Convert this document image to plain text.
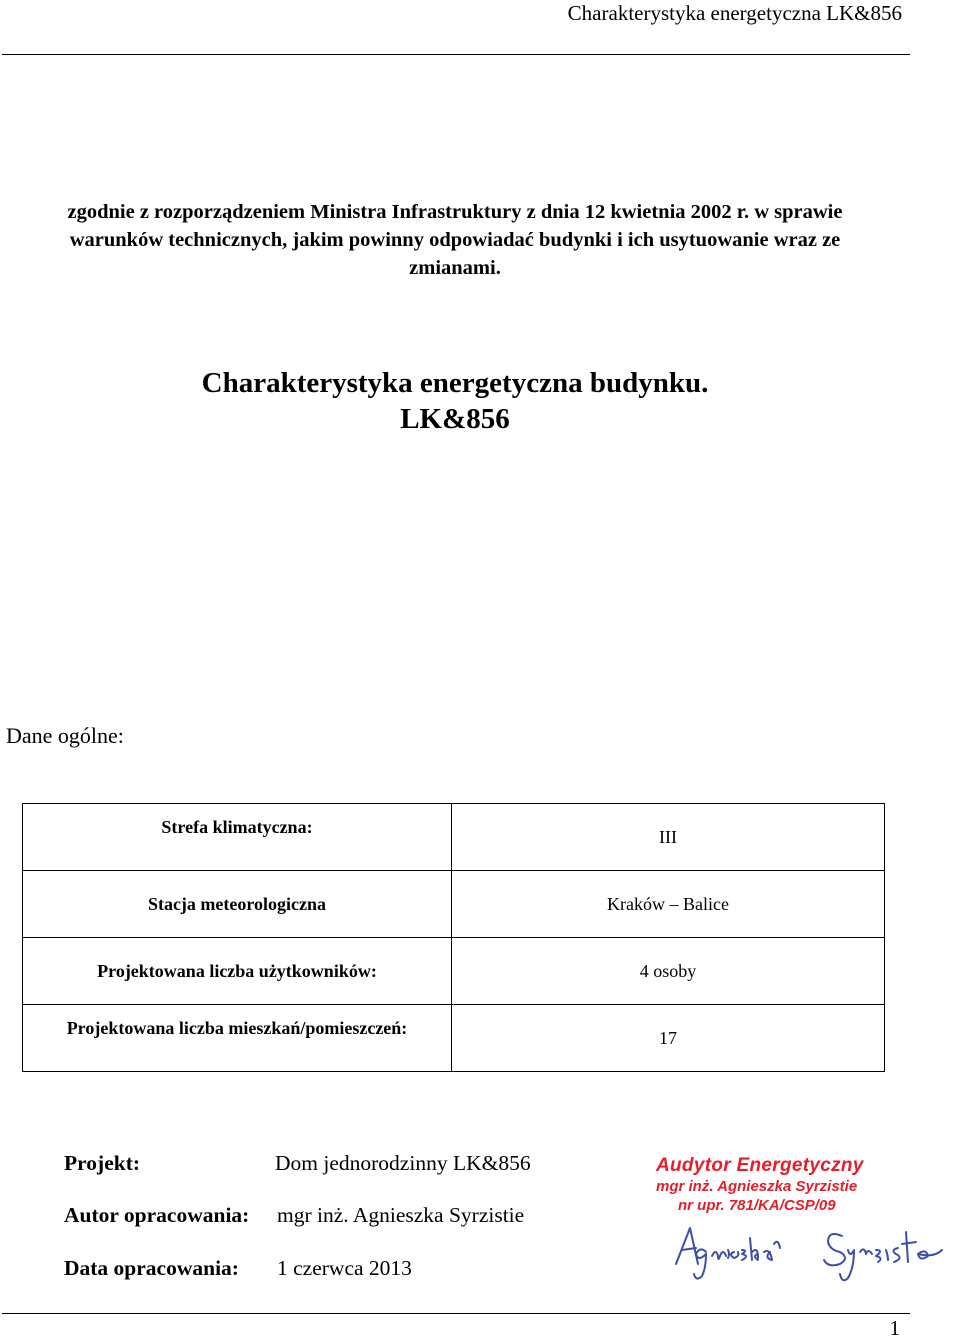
Charakterystyka energetyczna LK&856
Charakterystyka energetyczna budynku.
LK&856

zgodnie z rozporządzeniem Ministra Infrastruktury z dnia 12 kwietnia 2002 r. w sprawie

warunków technicznych, jakim powinny odpowiadać budynki i ich usytuowanie wraz ze

zmianami.

Dane ogólne:
Strefa klimatyczna:	III

Stacja meteorologiczna	Kraków – Balice

Projektowana liczba użytkowników:	4 osoby

Projektowana liczba mieszkań/pomieszczeń:	17
Projekt:	Dom jednorodzinny LK&856
Autor opracowania: mgr inż. Agnieszka Syrzistie
Data opracowania: 1 czerwca 2013
Audytor Energetyczny
mgr inż. Agnieszka Syrzistie
nr upr. 781/KA/CSP/09
1
